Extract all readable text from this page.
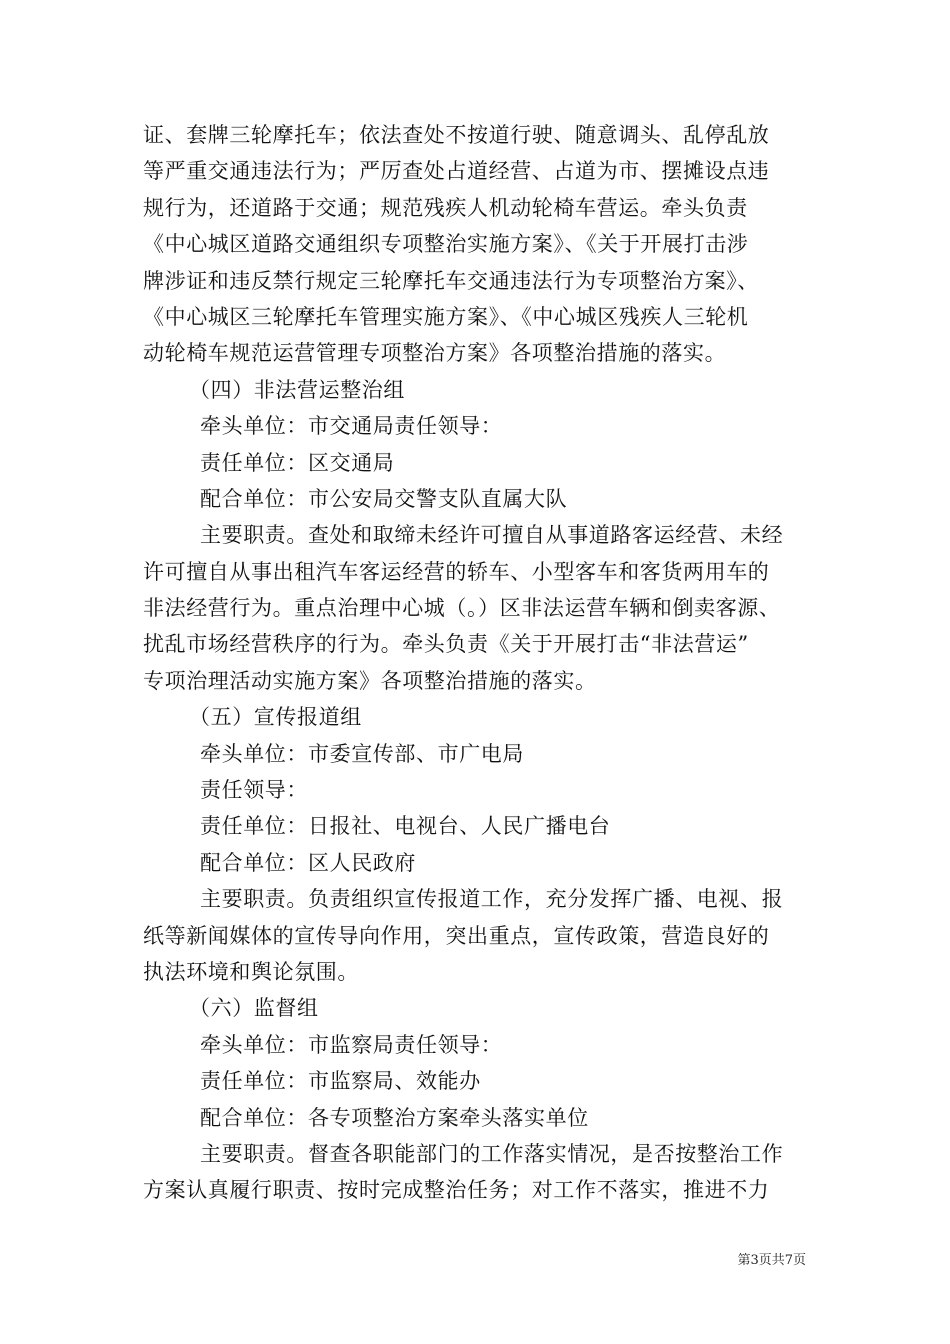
证、套牌三轮摩托车；依法查处不按道行驶、随意调头、乱停乱放
等严重交通违法行为；严厉查处占道经营、占道为市、摆摊设点违
规行为，还道路于交通；规范残疾人机动轮椅车营运。牵头负责
《中心城区道路交通组织专项整治实施方案》、《关于开展打击涉
牌涉证和违反禁行规定三轮摩托车交通违法行为专项整治方案》、
《中心城区三轮摩托车管理实施方案》、《中心城区残疾人三轮机
动轮椅车规范运营管理专项整治方案》各项整治措施的落实。
（四）非法营运整治组
牵头单位：市交通局责任领导：
责任单位：区交通局
配合单位：市公安局交警支队直属大队
主要职责。查处和取缔未经许可擅自从事道路客运经营、未经
许可擅自从事出租汽车客运经营的轿车、小型客车和客货两用车的
非法经营行为。重点治理中心城（。）区非法运营车辆和倒卖客源、
扰乱市场经营秩序的行为。牵头负责《关于开展打击“非法营运”
专项治理活动实施方案》各项整治措施的落实。
（五）宣传报道组
牵头单位：市委宣传部、市广电局
责任领导：
责任单位：日报社、电视台、人民广播电台
配合单位：区人民政府
主要职责。负责组织宣传报道工作，充分发挥广播、电视、报
纸等新闻媒体的宣传导向作用，突出重点，宣传政策，营造良好的
执法环境和舆论氛围。
（六）监督组
牵头单位：市监察局责任领导：
责任单位：市监察局、效能办
配合单位：各专项整治方案牵头落实单位
主要职责。督查各职能部门的工作落实情况，是否按整治工作
方案认真履行职责、按时完成整治任务；对工作不落实，推进不力
第3页共7页
